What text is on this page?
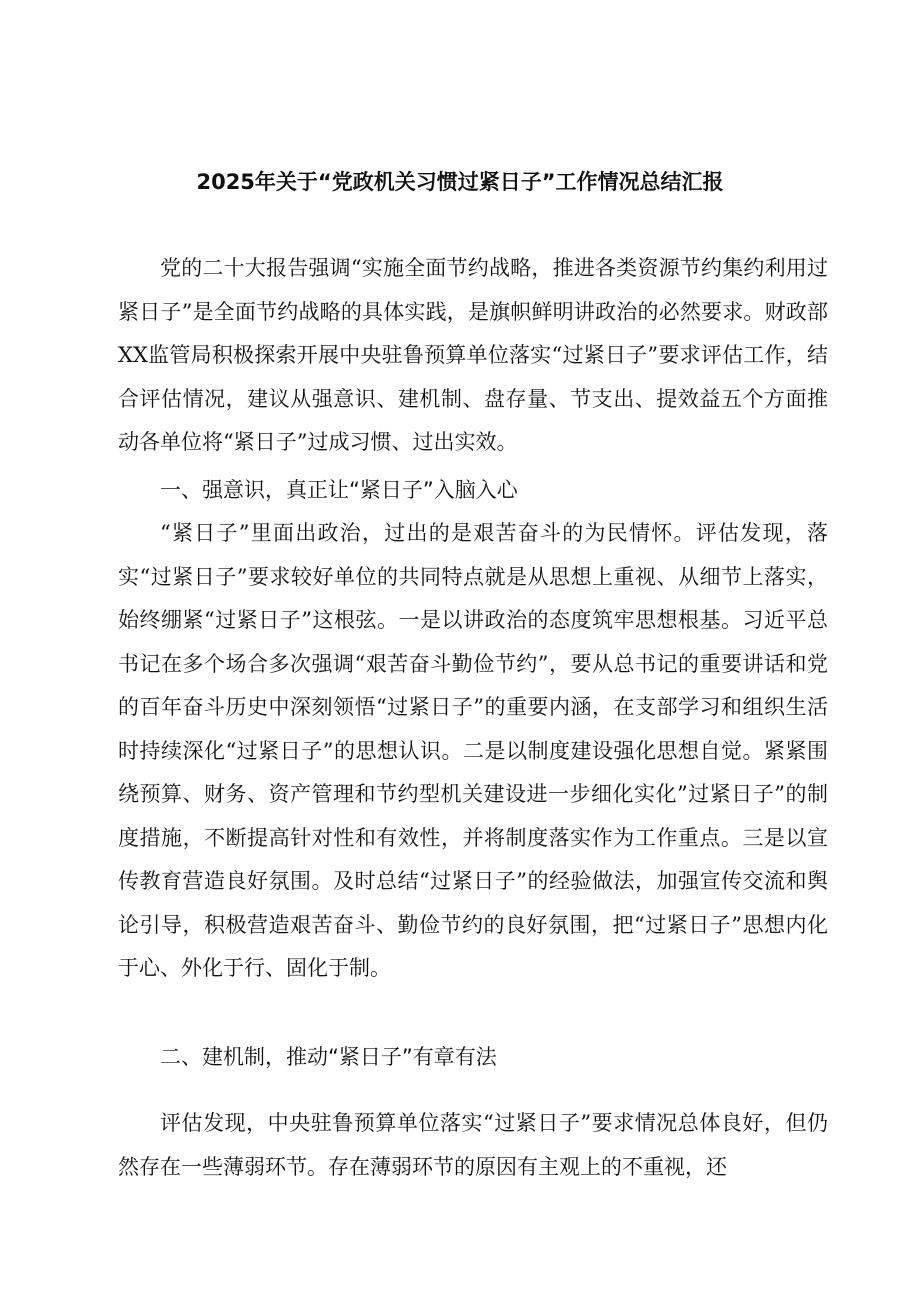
2025年关于“党政机关习惯过紧日子”工作情况总结汇报

党的二十大报告强调“实施全面节约战略，推进各类资源节约集约利用过紧日子”是全面节约战略的具体实践，是旗帜鲜明讲政治的必然要求。财政部XX监管局积极探索开展中央驻鲁预算单位落实“过紧日子”要求评估工作，结合评估情况，建议从强意识、建机制、盘存量、节支出、提效益五个方面推动各单位将“紧日子”过成习惯、过出实效。

一、强意识，真正让“紧日子”入脑入心

“紧日子”里面出政治，过出的是艰苦奋斗的为民情怀。评估发现，落实“过紧日子”要求较好单位的共同特点就是从思想上重视、从细节上落实，始终绷紧“过紧日子”这根弦。一是以讲政治的态度筑牢思想根基。习近平总书记在多个场合多次强调“艰苦奋斗勤俭节约”，要从总书记的重要讲话和党的百年奋斗历史中深刻领悟“过紧日子”的重要内涵，在支部学习和组织生活时持续深化“过紧日子”的思想认识。二是以制度建设强化思想自觉。紧紧围绕预算、财务、资产管理和节约型机关建设进一步细化实化”过紧日子”的制度措施，不断提高针对性和有效性，并将制度落实作为工作重点。三是以宣传教育营造良好氛围。及时总结“过紧日子”的经验做法，加强宣传交流和舆论引导，积极营造艰苦奋斗、勤俭节约的良好氛围，把“过紧日子”思想内化于心、外化于行、固化于制。

二、建机制，推动“紧日子”有章有法

评估发现，中央驻鲁预算单位落实“过紧日子”要求情况总体良好，但仍然存在一些薄弱环节。存在薄弱环节的原因有主观上的不重视，还
